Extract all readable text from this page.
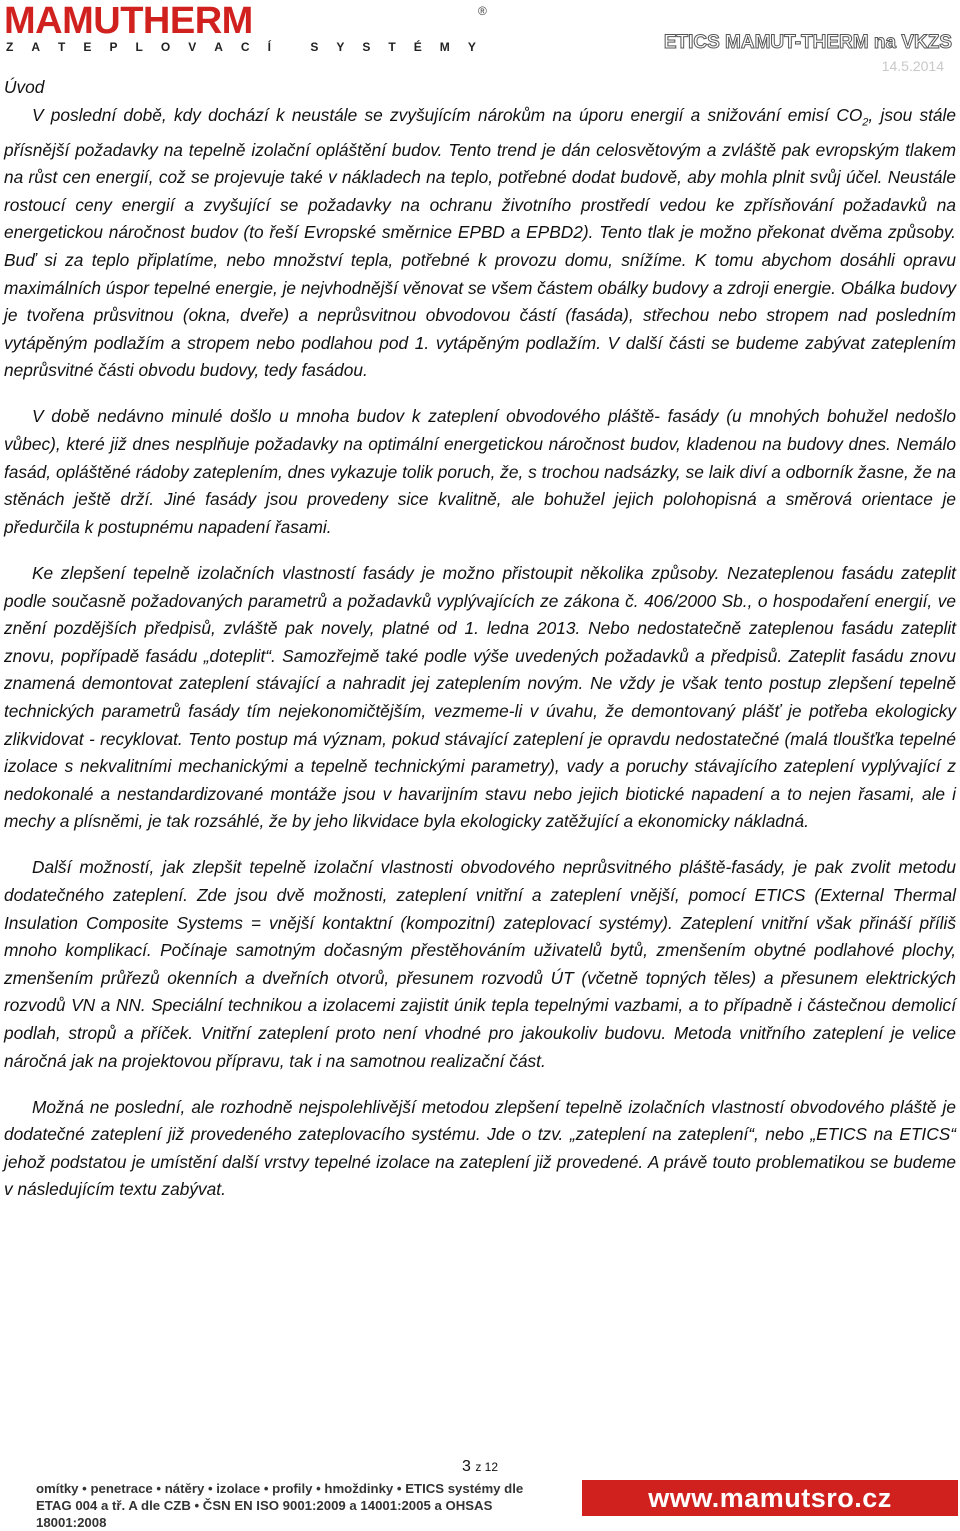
MAMUTHERM	®
Z A T E P L O V A C Í
	S Y S T É M Y	ETICS MAMUT-THERM na VKZS
14.5.2014

Úvod

V poslední době, kdy dochází k neustále se zvyšujícím nárokům na úporu energií a snižování emisí $CO_2$, jsou stále přísnější požadavky na tepelně izolační opláštění budov. Tento trend je dán celosvětovým a zvláště pak evropským tlakem na růst cen energií, což se projevuje také v nákladech na teplo, potřebné dodat budově, aby mohla plnit svůj účel. Neustále rostoucí ceny energií a zvyšující se požadavky na ochranu životního prostředí vedou ke zpřísňování požadavků na energetickou náročnost budov (to řeší Evropské směrnice EPBD a EPBD2). Tento tlak je možno překonat dvěma způsoby. Buď si za teplo připlatíme, nebo množství tepla, potřebné k provozu domu, snížíme. K tomu abychom dosáhli opravu maximálních úspor tepelné energie, je nejvhodnější věnovat se všem částem obálky budovy a zdroji energie. Obálka budovy je tvořena průsvitnou (okna, dveře) a neprůsvitnou obvodovou částí (fasáda), střechou nebo stropem nad posledním vytápěným podlažím a stropem nebo podlahou pod 1. vytápěným podlažím. V další části se budeme zabývat zateplením neprůsvitné části obvodu budovy, tedy fasádou.

V době nedávno minulé došlo u mnoha budov k zateplení obvodového pláště- fasády (u mnohých bohužel nedošlo vůbec), které již dnes nesplňuje požadavky na optimální energetickou náročnost budov, kladenou na budovy dnes. Nemálo fasád, opláštěné rádoby zateplením, dnes vykazuje tolik poruch, že, s trochou nadsázky, se laik diví a odborník žasne, že na stěnách ještě drží. Jiné fasády jsou provedeny sice kvalitně, ale bohužel jejich polohopisná a směrová orientace je předurčila k postupnému napadení řasami.

Ke zlepšení tepelně izolačních vlastností fasády je možno přistoupit několika způsoby. Nezateplenou fasádu zateplit podle současně požadovaných parametrů a požadavků vyplývajících ze zákona č. 406/2000 Sb., o hospodaření energií, ve znění pozdějších předpisů, zvláště pak novely, platné od 1. ledna 2013. Nebo nedostatečně zateplenou fasádu zateplit znovu, popřípadě fasádu „doteplit“. Samozřejmě také podle výše uvedených požadavků a předpisů. Zateplit fasádu znovu znamená demontovat zateplení stávající a nahradit jej zateplením novým. Ne vždy je však tento postup zlepšení tepelně technických parametrů fasády tím nejekonomičtějším, vezmeme-li v úvahu, že demontovaný plášť je potřeba ekologicky zlikvidovat - recyklovat. Tento postup má význam, pokud stávající zateplení je opravdu nedostatečné (malá tloušťka tepelné izolace s nekvalitními mechanickými a tepelně technickými parametry), vady a poruchy stávajícího zateplení vyplývající z nedokonalé a nestandardizované montáže jsou v havarijním stavu nebo jejich biotické napadení a to nejen řasami, ale i mechy a plísněmi, je tak rozsáhlé, že by jeho likvidace byla ekologicky zatěžující a ekonomicky nákladná.

Další možností, jak zlepšit tepelně izolační vlastnosti obvodového neprůsvitného pláště-fasády, je pak zvolit metodu dodatečného zateplení. Zde jsou dvě možnosti, zateplení vnitřní a zateplení vnější, pomocí ETICS (External Thermal Insulation Composite Systems = vnější kontaktní (kompozitní) zateplovací systémy). Zateplení vnitřní však přináší příliš mnoho komplikací. Počínaje samotným dočasným přestěhováním uživatelů bytů, zmenšením obytné podlahové plochy, zmenšením průřezů okenních a dveřních otvorů, přesunem rozvodů ÚT (včetně topných těles) a přesunem elektrických rozvodů VN a NN. Speciální technikou a izolacemi zajistit únik tepla tepelnými vazbami, a to případně i částečnou demolicí podlah, stropů a příček. Vnitřní zateplení proto není vhodné pro jakoukoliv budovu. Metoda vnitřního zateplení je velice náročná jak na projektovou přípravu, tak i na samotnou realizační část.

Možná ne poslední, ale rozhodně nejspolehlivější metodou zlepšení tepelně izolačních vlastností obvodového pláště je dodatečné zateplení již provedeného zateplovacího systému. Jde o tzv. „zateplení na zateplení“, nebo „ETICS na ETICS“ jehož podstatou je umístění další vrstvy tepelné izolace na zateplení již provedené. A právě touto problematikou se budeme v následujícím textu zabývat.

3 z 12
omítky • penetrace • nátěry • izolace • profily • hmoždinky • ETICS systémy dle
ETAG 004 a tř. A dle CZB • ČSN EN ISO 9001:2009 a 14001:2005 a OHSAS 18001:2008
www.mamutsro.cz
